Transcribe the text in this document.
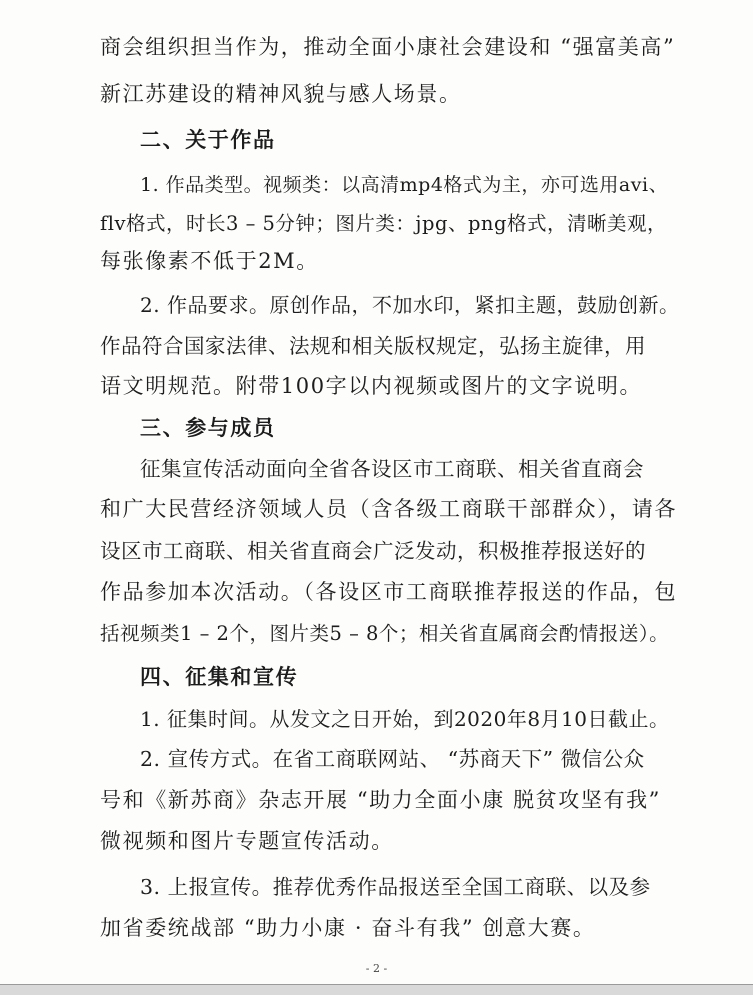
商会组织担当作为，推动全面小康社会建设和 “强富美高”
新江苏建设的精神风貌与感人场景。
二、关于作品
1. 作品类型。视频类：以高清mp4格式为主，亦可选用avi、
flv格式，时长3 – 5分钟；图片类：jpg、png格式，清晰美观，
每张像素不低于2M。
2. 作品要求。原创作品，不加水印，紧扣主题，鼓励创新。
作品符合国家法律、法规和相关版权规定，弘扬主旋律，用
语文明规范。附带100字以内视频或图片的文字说明。
三、参与成员
征集宣传活动面向全省各设区市工商联、相关省直商会
和广大民营经济领域人员（含各级工商联干部群众），请各
设区市工商联、相关省直商会广泛发动，积极推荐报送好的
作品参加本次活动。（各设区市工商联推荐报送的作品，包
括视频类1 – 2个，图片类5 – 8个；相关省直属商会酌情报送）。
四、征集和宣传
1. 征集时间。从发文之日开始，到2020年8月10日截止。
2. 宣传方式。在省工商联网站、 “苏商天下” 微信公众
号和《新苏商》杂志开展 “助力全面小康 脱贫攻坚有我”
微视频和图片专题宣传活动。
3. 上报宣传。推荐优秀作品报送至全国工商联、以及参
加省委统战部 “助力小康 · 奋斗有我” 创意大赛。
- 2 -
